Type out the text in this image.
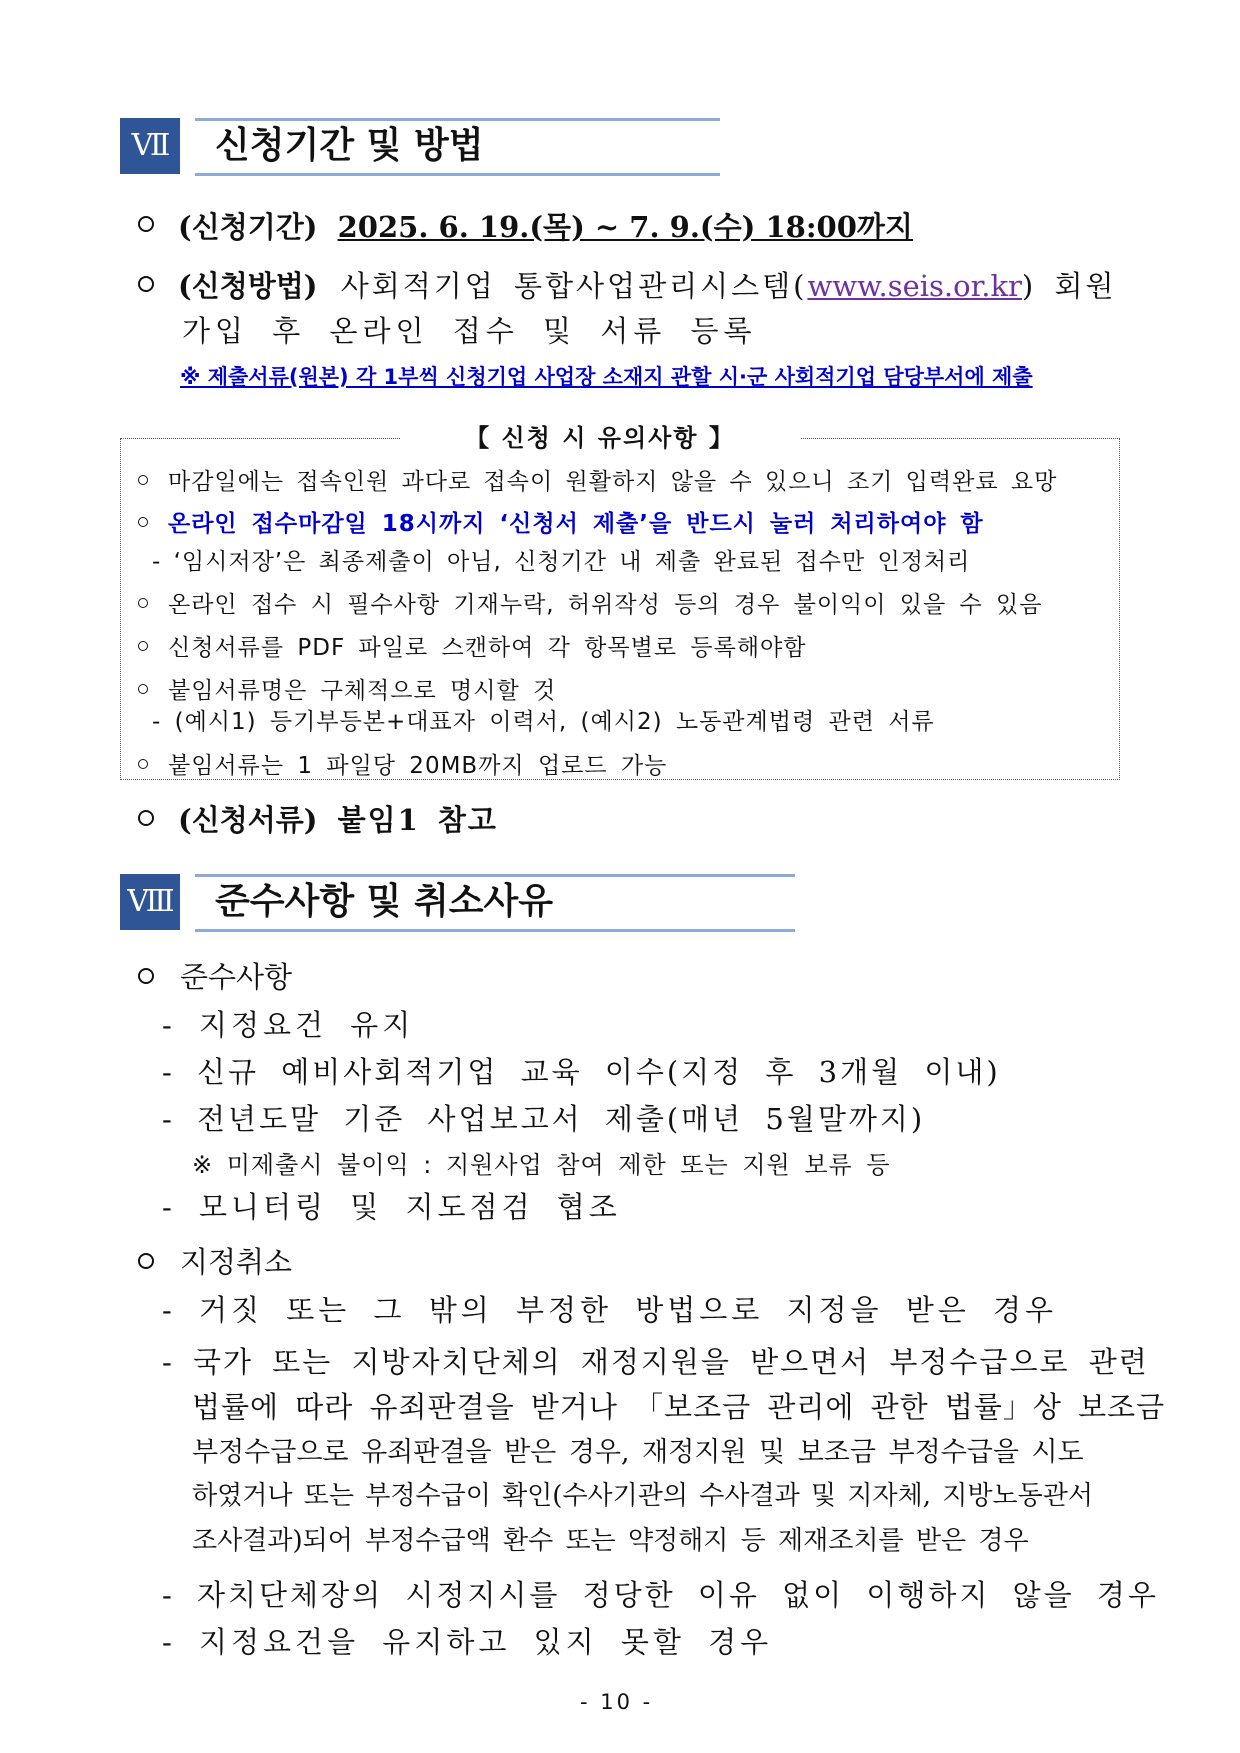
Ⅶ	신청기간 및 방법
(신청기간) 2025. 6. 19.(목) ~ 7. 9.(수) 18:00까지
(신청방법) 사회적기업 통합사업관리시스템(www.seis.or.kr) 회원
가입 후 온라인 접수 및 서류 등록
※ 제출서류(원본) 각 1부씩 신청기업 사업장 소재지 관할 시·군 사회적기업 담당부서에 제출
【 신청 시 유의사항 】
마감일에는 접속인원 과다로 접속이 원활하지 않을 수 있으니 조기 입력완료 요망
온라인 접수마감일 18시까지 ‘신청서 제출’을 반드시 눌러 처리하여야 함
- ‘임시저장’은 최종제출이 아님, 신청기간 내 제출 완료된 접수만 인정처리
온라인 접수 시 필수사항 기재누락, 허위작성 등의 경우 불이익이 있을 수 있음
신청서류를 PDF 파일로 스캔하여 각 항목별로 등록해야함
붙임서류명은 구체적으로 명시할 것
- (예시1) 등기부등본+대표자 이력서, (예시2) 노동관계법령 관련 서류
붙임서류는 1 파일당 20MB까지 업로드 가능
(신청서류) 붙임1 참고
Ⅷ	준수사항 및 취소사유
준수사항
- 지정요건 유지
- 신규 예비사회적기업 교육 이수(지정 후 3개월 이내)
- 전년도말 기준 사업보고서 제출(매년 5월말까지)
※ 미제출시 불이익 : 지원사업 참여 제한 또는 지원 보류 등
- 모니터링 및 지도점검 협조
지정취소
- 거짓 또는 그 밖의 부정한 방법으로 지정을 받은 경우
- 국가 또는 지방자치단체의 재정지원을 받으면서 부정수급으로 관련
법률에 따라 유죄판결을 받거나 「보조금 관리에 관한 법률」상 보조금
부정수급으로 유죄판결을 받은 경우, 재정지원 및 보조금 부정수급을 시도
하였거나 또는 부정수급이 확인(수사기관의 수사결과 및 지자체, 지방노동관서
조사결과)되어 부정수급액 환수 또는 약정해지 등 제재조치를 받은 경우
- 자치단체장의 시정지시를 정당한 이유 없이 이행하지 않을 경우
- 지정요건을 유지하고 있지 못할 경우
- 10 -
